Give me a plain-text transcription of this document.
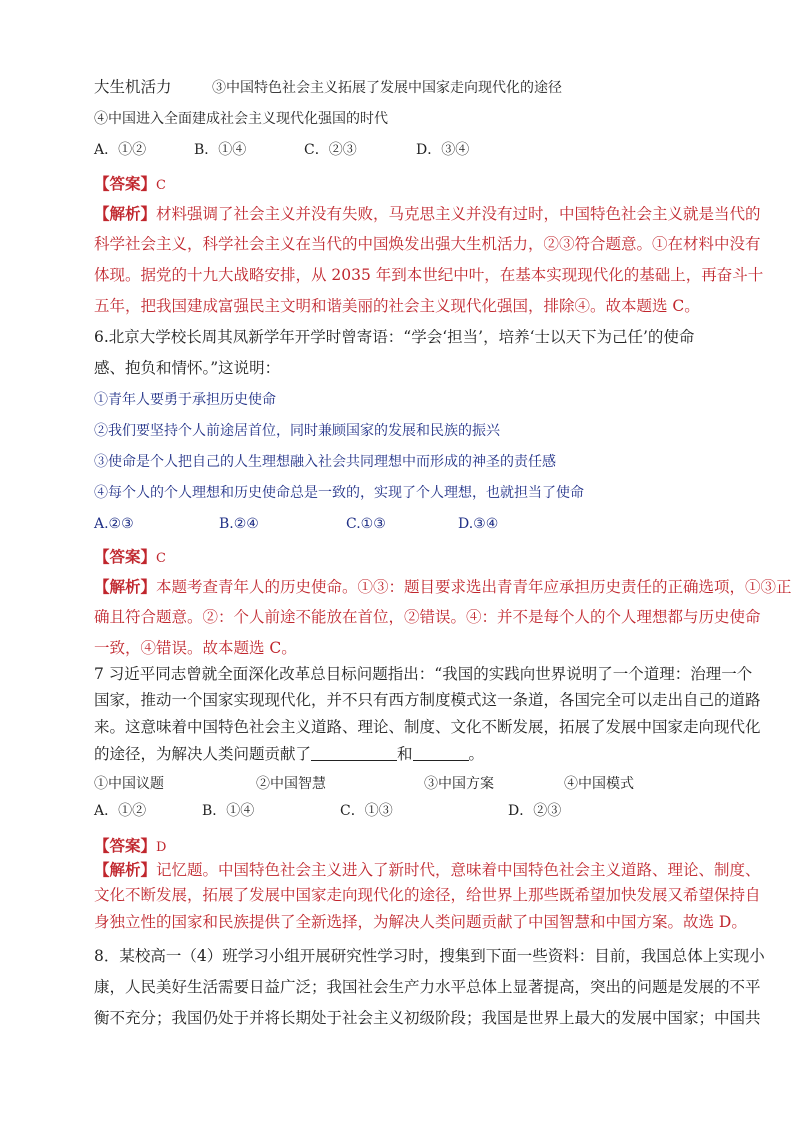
大生机活力	③中国特色社会主义拓展了发展中国家走向现代化的途径
④中国进入全面建成社会主义现代化强国的时代
A．①②	B．①④	C．②③	D．③④
【答案】C
【解析】材料强调了社会主义并没有失败，马克思主义并没有过时，中国特色社会主义就是当代的
科学社会主义，科学社会主义在当代的中国焕发出强大生机活力，②③符合题意。①在材料中没有
体现。据党的十九大战略安排，从 2035 年到本世纪中叶，在基本实现现代化的基础上，再奋斗十
五年，把我国建成富强民主文明和谐美丽的社会主义现代化强国，排除④。故本题选 C。
6.北京大学校长周其凤新学年开学时曾寄语：“学会‘担当’，培养‘士以天下为己任’的使命
感、抱负和情怀。”这说明：
①青年人要勇于承担历史使命
②我们要坚持个人前途居首位，同时兼顾国家的发展和民族的振兴
③使命是个人把自己的人生理想融入社会共同理想中而形成的神圣的责任感
④每个人的个人理想和历史使命总是一致的，实现了个人理想，也就担当了使命
A.②③	B.②④	C.①③	D.③④
【答案】C
【解析】本题考查青年人的历史使命。①③：题目要求选出青青年应承担历史责任的正确选项，①③正
确且符合题意。②：个人前途不能放在首位，②错误。④：并不是每个人的个人理想都与历史使命
一致，④错误。故本题选 C。
7 习近平同志曾就全面深化改革总目标问题指出：“我国的实践向世界说明了一个道理：治理一个
国家，推动一个国家实现现代化，并不只有西方制度模式这一条道，各国完全可以走出自己的道路
来。这意味着中国特色社会主义道路、理论、制度、文化不断发展，拓展了发展中国家走向现代化
的途径，为解决人类问题贡献了	和	。
①中国议题	②中国智慧	③中国方案	④中国模式
A．①②	B．①④	C．①③	D．②③
【答案】D
【解析】记忆题。中国特色社会主义进入了新时代，意味着中国特色社会主义道路、理论、制度、
文化不断发展，拓展了发展中国家走向现代化的途径，给世界上那些既希望加快发展又希望保持自
身独立性的国家和民族提供了全新选择，为解决人类问题贡献了中国智慧和中国方案。故选 D。
8．某校高一（4）班学习小组开展研究性学习时，搜集到下面一些资料：目前，我国总体上实现小
康，人民美好生活需要日益广泛；我国社会生产力水平总体上显著提高，突出的问题是发展的不平
衡不充分；我国仍处于并将长期处于社会主义初级阶段；我国是世界上最大的发展中国家；中国共
